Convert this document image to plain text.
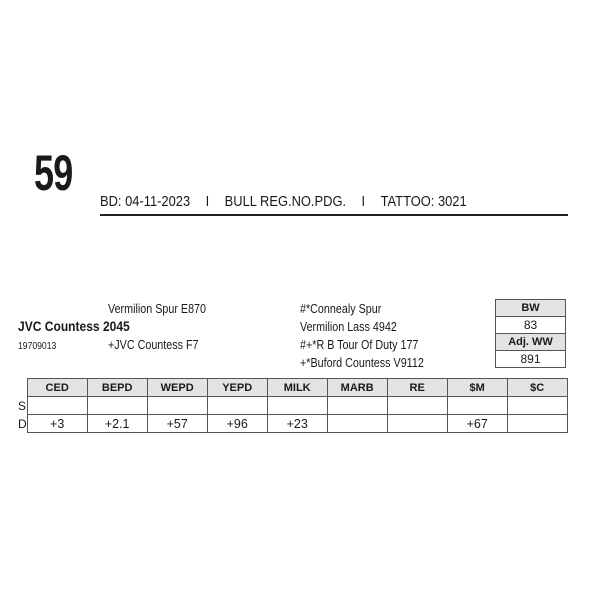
59
BD: 04-11-2023 I BULL REG.NO.PDG. I TATTOO: 3021
Vermilion Spur E870
JVC Countess 2045
19709013	+JVC Countess F7
#*Connealy Spur
Vermilion Lass 4942
#+*R B Tour Of Duty 177
+*Buford Countess V9112
BW
83
Adj. WW
891
	CED	BEPD	WEPD	YEPD	MILK	MARB	RE	$M	$C
S									
D	+3	+2.1	+57	+96	+23			+67	
